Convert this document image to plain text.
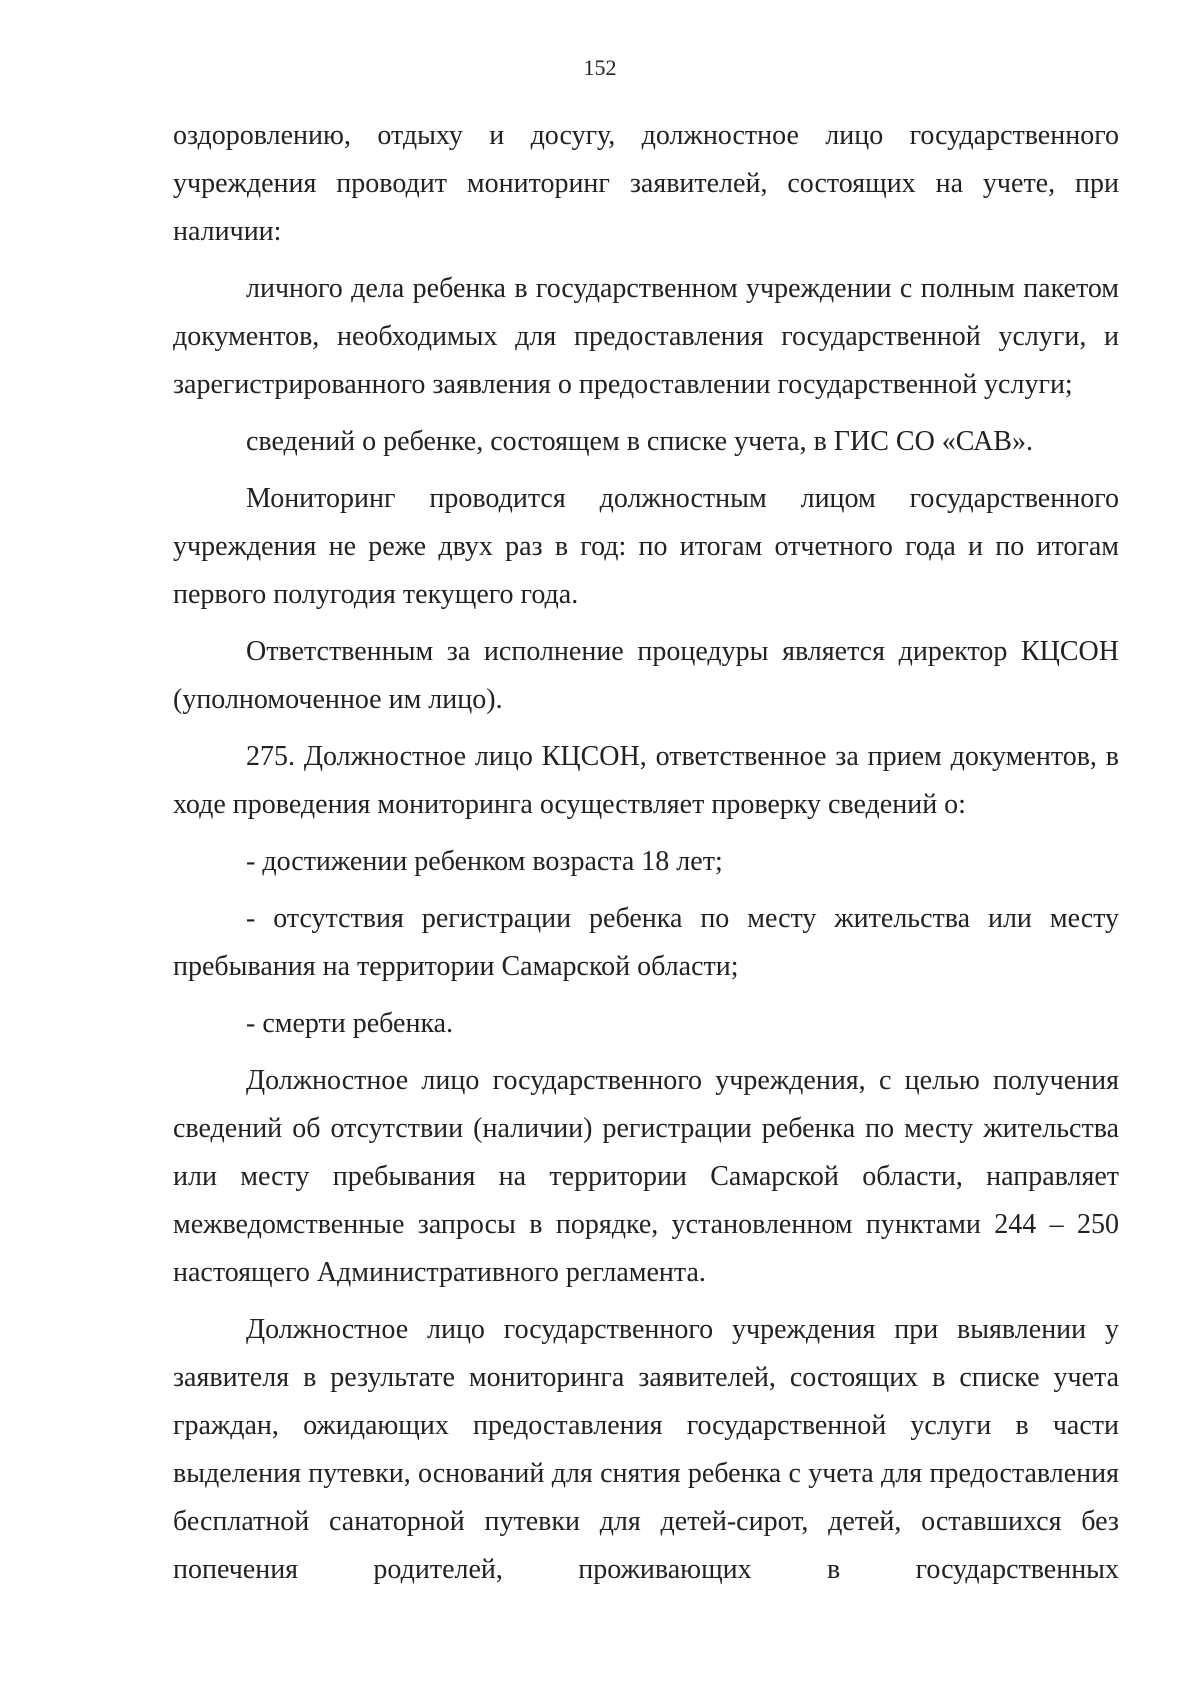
152

оздоровлению, отдыху и досугу, должностное лицо государственного учреждения проводит мониторинг заявителей, состоящих на учете, при наличии:

личного дела ребенка в государственном учреждении с полным пакетом документов, необходимых для предоставления государственной услуги, и зарегистрированного заявления о предоставлении государственной услуги;

сведений о ребенке, состоящем в списке учета, в ГИС СО «САВ».

Мониторинг проводится должностным лицом государственного учреждения не реже двух раз в год: по итогам отчетного года и по итогам первого полугодия текущего года.

Ответственным за исполнение процедуры является директор КЦСОН (уполномоченное им лицо).

275. Должностное лицо КЦСОН, ответственное за прием документов, в ходе проведения мониторинга осуществляет проверку сведений о:

- достижении ребенком возраста 18 лет;

- отсутствия регистрации ребенка по месту жительства или месту пребывания на территории Самарской области;

- смерти ребенка.

Должностное лицо государственного учреждения, с целью получения сведений об отсутствии (наличии) регистрации ребенка по месту жительства или месту пребывания на территории Самарской области, направляет межведомственные запросы в порядке, установленном пунктами 244 – 250 настоящего Административного регламента.

Должностное лицо государственного учреждения при выявлении у заявителя в результате мониторинга заявителей, состоящих в списке учета граждан, ожидающих предоставления государственной услуги в части выделения путевки, оснований для снятия ребенка с учета для предоставления бесплатной санаторной путевки для детей-сирот, детей, оставшихся без попечения родителей, проживающих в государственных
